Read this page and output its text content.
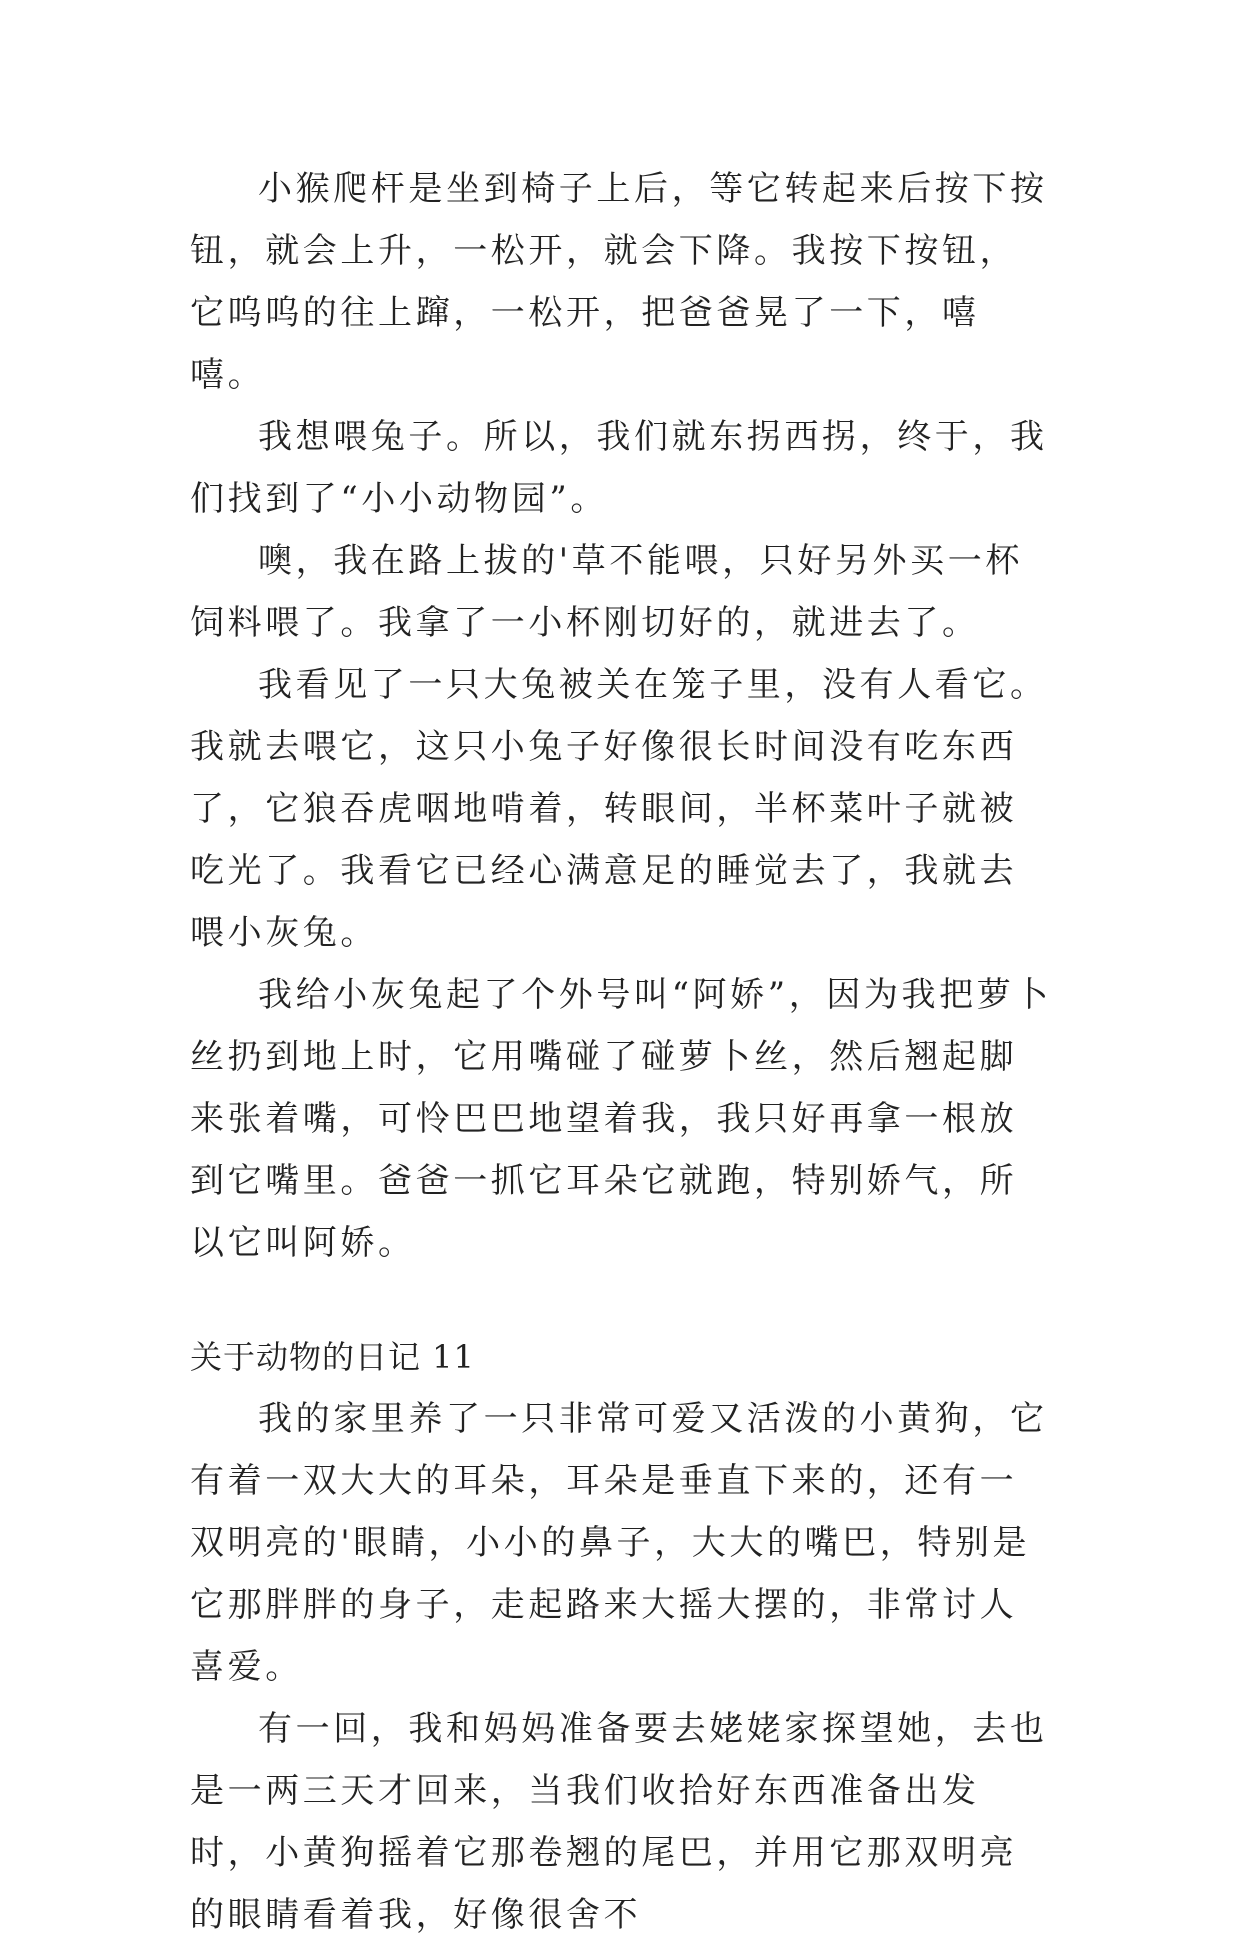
小猴爬杆是坐到椅子上后，等它转起来后按下按钮，就会上升，一松开，就会下降。我按下按钮，它呜呜的往上蹿，一松开，把爸爸晃了一下，嘻嘻。

我想喂兔子。所以，我们就东拐西拐，终于，我们找到了“小小动物园”。

噢，我在路上拔的'草不能喂，只好另外买一杯饲料喂了。我拿了一小杯刚切好的，就进去了。

我看见了一只大兔被关在笼子里，没有人看它。我就去喂它，这只小兔子好像很长时间没有吃东西了，它狼吞虎咽地啃着，转眼间，半杯菜叶子就被吃光了。我看它已经心满意足的睡觉去了，我就去喂小灰兔。

我给小灰兔起了个外号叫“阿娇”，因为我把萝卜丝扔到地上时，它用嘴碰了碰萝卜丝，然后翘起脚来张着嘴，可怜巴巴地望着我，我只好再拿一根放到它嘴里。爸爸一抓它耳朵它就跑，特别娇气，所以它叫阿娇。

关于动物的日记 11

我的家里养了一只非常可爱又活泼的小黄狗，它有着一双大大的耳朵，耳朵是垂直下来的，还有一双明亮的'眼睛，小小的鼻子，大大的嘴巴，特别是它那胖胖的身子，走起路来大摇大摆的，非常讨人喜爱。

有一回，我和妈妈准备要去姥姥家探望她，去也是一两三天才回来，当我们收拾好东西准备出发时，小黄狗摇着它那卷翘的尾巴，并用它那双明亮的眼睛看着我，好像很舍不
